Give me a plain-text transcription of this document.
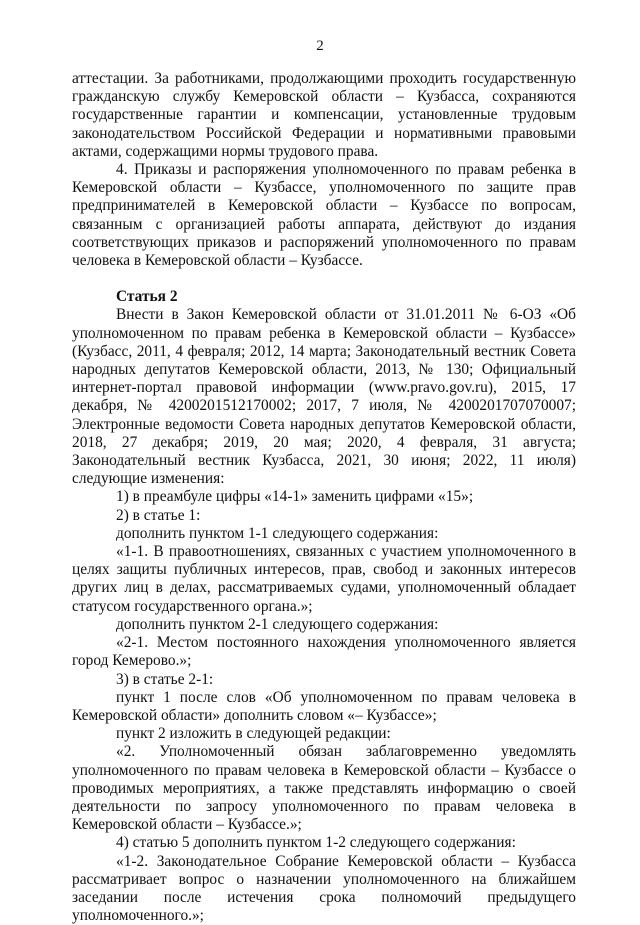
2

аттестации. За работниками, продолжающими проходить государственную гражданскую службу Кемеровской области – Кузбасса, сохраняются государственные гарантии и компенсации, установленные трудовым законодательством Российской Федерации и нормативными правовыми актами, содержащими нормы трудового права.

4. Приказы и распоряжения уполномоченного по правам ребенка в Кемеровской области – Кузбассе, уполномоченного по защите прав предпринимателей в Кемеровской области – Кузбассе по вопросам, связанным с организацией работы аппарата, действуют до издания соответствующих приказов и распоряжений уполномоченного по правам человека в Кемеровской области – Кузбассе.

Статья 2

Внести в Закон Кемеровской области от 31.01.2011 № 6-ОЗ «Об уполномоченном по правам ребенка в Кемеровской области – Кузбассе» (Кузбасс, 2011, 4 февраля; 2012, 14 марта; Законодательный вестник Совета народных депутатов Кемеровской области, 2013, № 130; Официальный интернет-портал правовой информации (www.pravo.gov.ru), 2015, 17 декабря, № 4200201512170002; 2017, 7 июля, № 4200201707070007; Электронные ведомости Совета народных депутатов Кемеровской области, 2018, 27 декабря; 2019, 20 мая; 2020, 4 февраля, 31 августа; Законодательный вестник Кузбасса, 2021, 30 июня; 2022, 11 июля) следующие изменения:

1) в преамбуле цифры «14-1» заменить цифрами «15»;

2) в статье 1:

дополнить пунктом 1-1 следующего содержания:

«1-1. В правоотношениях, связанных с участием уполномоченного в целях защиты публичных интересов, прав, свобод и законных интересов других лиц в делах, рассматриваемых судами, уполномоченный обладает статусом государственного органа.»;

дополнить пунктом 2-1 следующего содержания:

«2-1. Местом постоянного нахождения уполномоченного является город Кемерово.»;

3) в статье 2-1:

пункт 1 после слов «Об уполномоченном по правам человека в Кемеровской области» дополнить словом «– Кузбассе»;

пункт 2 изложить в следующей редакции:

«2. Уполномоченный обязан заблаговременно уведомлять уполномоченного по правам человека в Кемеровской области – Кузбассе о проводимых мероприятиях, а также представлять информацию о своей деятельности по запросу уполномоченного по правам человека в Кемеровской области – Кузбассе.»;

4) статью 5 дополнить пунктом 1-2 следующего содержания:

«1-2. Законодательное Собрание Кемеровской области – Кузбасса рассматривает вопрос о назначении уполномоченного на ближайшем заседании после истечения срока полномочий предыдущего уполномоченного.»;
